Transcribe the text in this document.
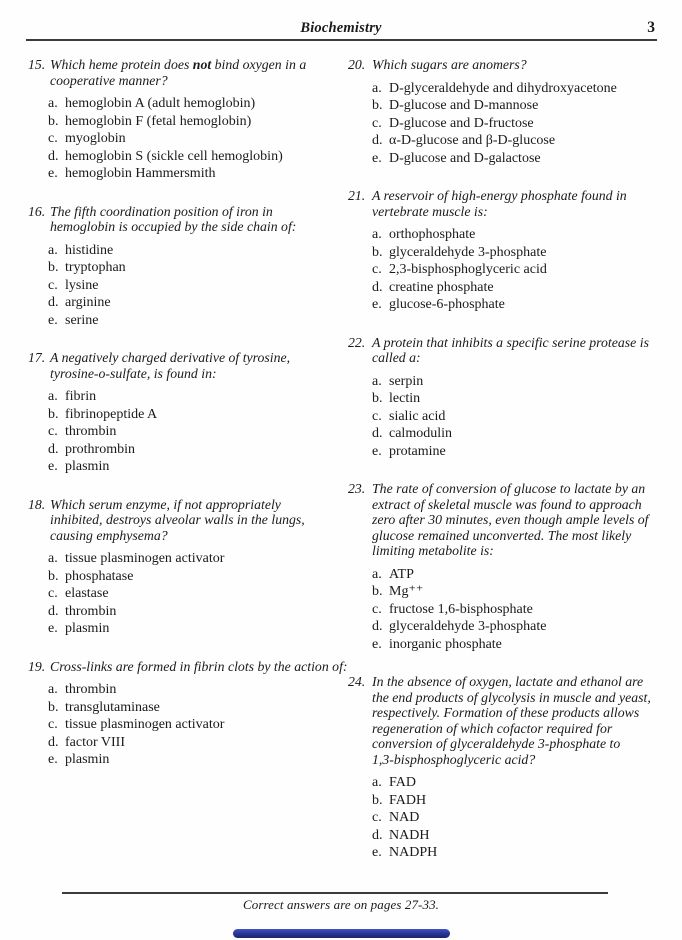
Biochemistry	3
15. Which heme protein does not bind oxygen in a
cooperative manner?
a. hemoglobin A (adult hemoglobin)
b. hemoglobin F (fetal hemoglobin)
c. myoglobin
d. hemoglobin S (sickle cell hemoglobin)
e. hemoglobin Hammersmith
16. The fifth coordination position of iron in
hemoglobin is occupied by the side chain of:
a. histidine
b. tryptophan
c. lysine
d. arginine
e. serine
17. A negatively charged derivative of tyrosine,
tyrosine-o-sulfate, is found in:
a. fibrin
b. fibrinopeptide A
c. thrombin
d. prothrombin
e. plasmin
18. Which serum enzyme, if not appropriately
inhibited, destroys alveolar walls in the lungs,
causing emphysema?
a. tissue plasminogen activator
b. phosphatase
c. elastase
d. thrombin
e. plasmin
19. Cross-links are formed in fibrin clots by the action of:
a. thrombin
b. transglutaminase
c. tissue plasminogen activator
d. factor VIII
e. plasmin
20. Which sugars are anomers?
a. D-glyceraldehyde and dihydroxyacetone
b. D-glucose and D-mannose
c. D-glucose and D-fructose
d. α-D-glucose and β-D-glucose
e. D-glucose and D-galactose
21. A reservoir of high-energy phosphate found in
vertebrate muscle is:
a. orthophosphate
b. glyceraldehyde 3-phosphate
c. 2,3-bisphosphoglyceric acid
d. creatine phosphate
e. glucose-6-phosphate
22. A protein that inhibits a specific serine protease is
called a:
a. serpin
b. lectin
c. sialic acid
d. calmodulin
e. protamine
23. The rate of conversion of glucose to lactate by an
extract of skeletal muscle was found to approach
zero after 30 minutes, even though ample levels of
glucose remained unconverted. The most likely
limiting metabolite is:
a. ATP
b. Mg⁺⁺
c. fructose 1,6-bisphosphate
d. glyceraldehyde 3-phosphate
e. inorganic phosphate
24. In the absence of oxygen, lactate and ethanol are
the end products of glycolysis in muscle and yeast,
respectively. Formation of these products allows
regeneration of which cofactor required for
conversion of glyceraldehyde 3-phosphate to
1,3-bisphosphoglyceric acid?
a. FAD
b. FADH
c. NAD
d. NADH
e. NADPH
Correct answers are on pages 27-33.
